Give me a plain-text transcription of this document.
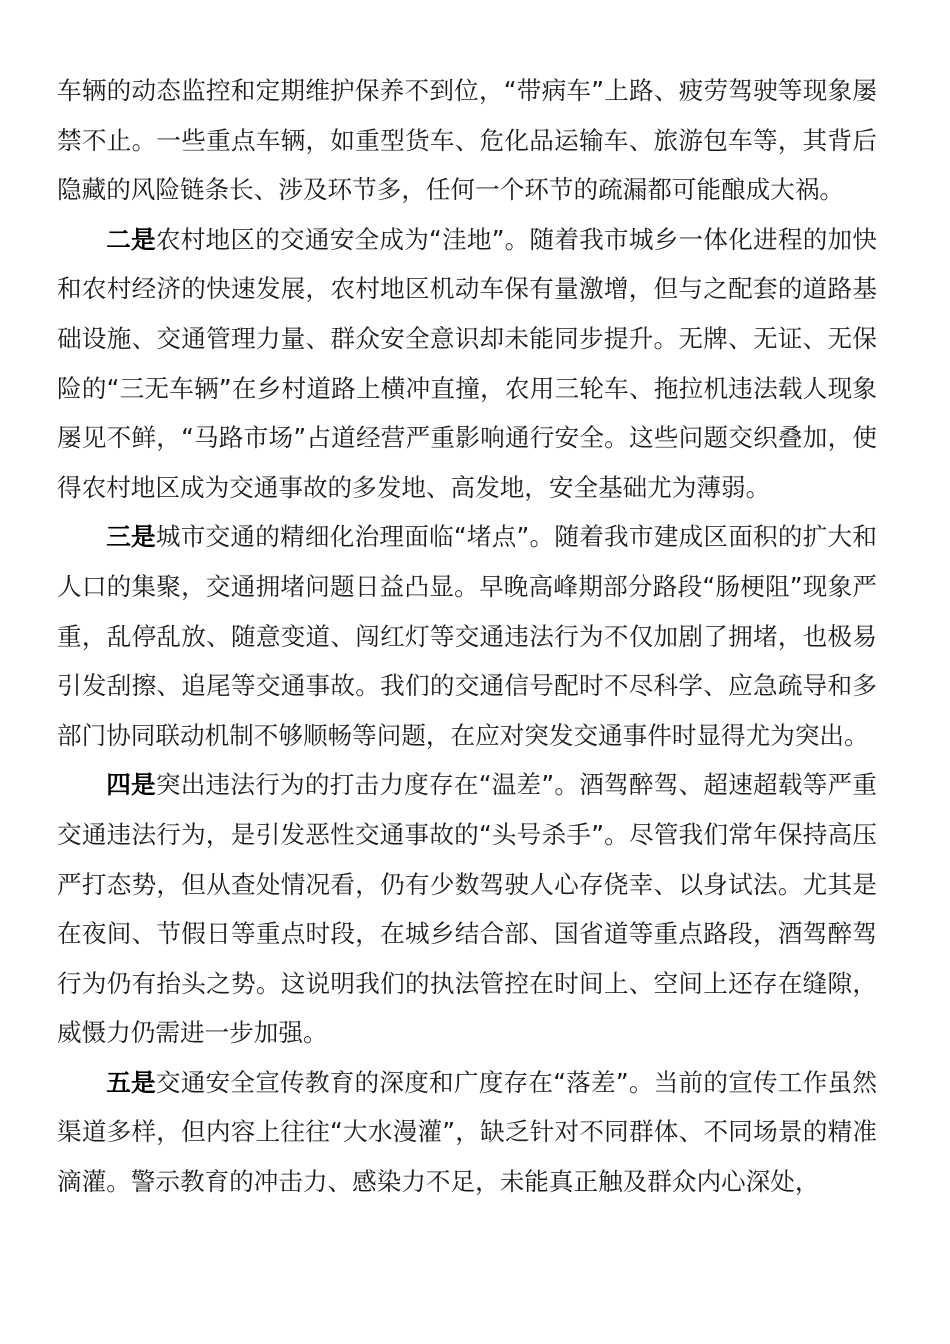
车辆的动态监控和定期维护保养不到位，“带病车”上路、疲劳驾驶等现象屡禁不止。一些重点车辆，如重型货车、危化品运输车、旅游包车等，其背后隐藏的风险链条长、涉及环节多，任何一个环节的疏漏都可能酿成大祸。

二是农村地区的交通安全成为“洼地”。随着我市城乡一体化进程的加快和农村经济的快速发展，农村地区机动车保有量激增，但与之配套的道路基础设施、交通管理力量、群众安全意识却未能同步提升。无牌、无证、无保险的“三无车辆”在乡村道路上横冲直撞，农用三轮车、拖拉机违法载人现象屡见不鲜，“马路市场”占道经营严重影响通行安全。这些问题交织叠加，使得农村地区成为交通事故的多发地、高发地，安全基础尤为薄弱。

三是城市交通的精细化治理面临“堵点”。随着我市建成区面积的扩大和人口的集聚，交通拥堵问题日益凸显。早晚高峰期部分路段“肠梗阻”现象严重，乱停乱放、随意变道、闯红灯等交通违法行为不仅加剧了拥堵，也极易引发刮擦、追尾等交通事故。我们的交通信号配时不尽科学、应急疏导和多部门协同联动机制不够顺畅等问题，在应对突发交通事件时显得尤为突出。

四是突出违法行为的打击力度存在“温差”。酒驾醉驾、超速超载等严重交通违法行为，是引发恶性交通事故的“头号杀手”。尽管我们常年保持高压严打态势，但从查处情况看，仍有少数驾驶人心存侥幸、以身试法。尤其是在夜间、节假日等重点时段，在城乡结合部、国省道等重点路段，酒驾醉驾行为仍有抬头之势。这说明我们的执法管控在时间上、空间上还存在缝隙，威慑力仍需进一步加强。

五是交通安全宣传教育的深度和广度存在“落差”。当前的宣传工作虽然渠道多样，但内容上往往“大水漫灌”，缺乏针对不同群体、不同场景的精准滴灌。警示教育的冲击力、感染力不足，未能真正触及群众内心深处，
